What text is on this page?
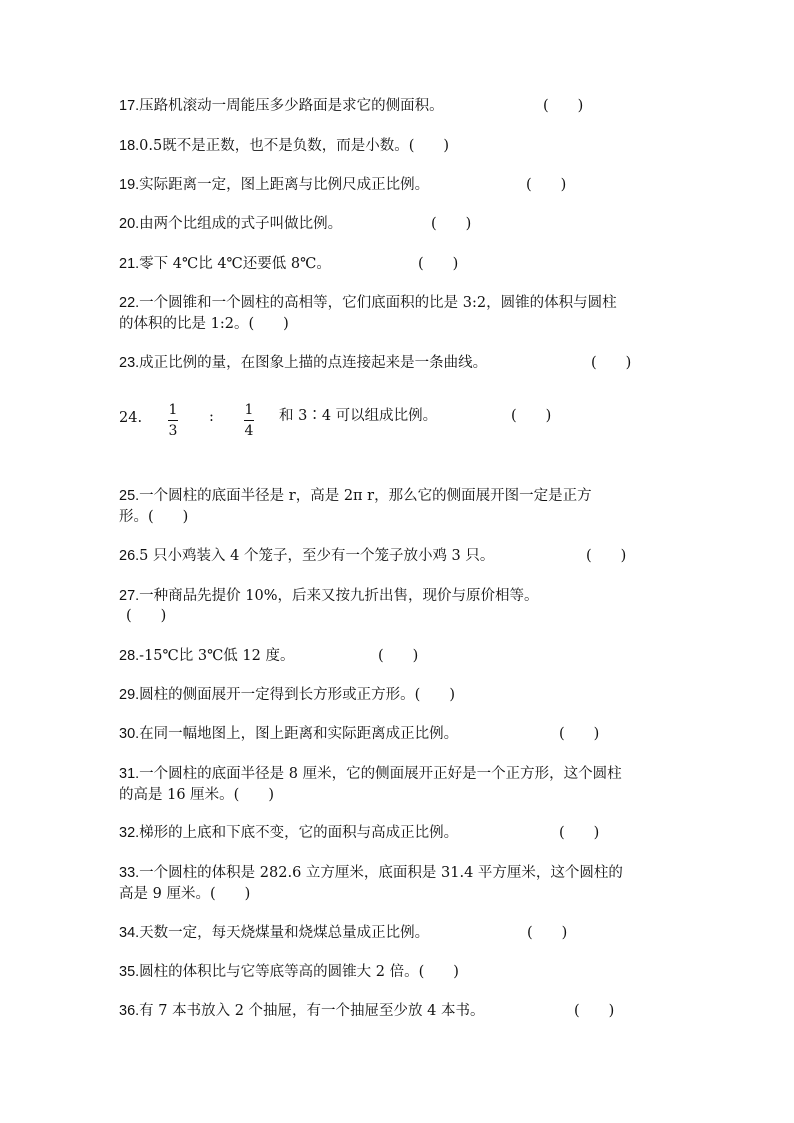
17.压路机滚动一周能压多少路面是求它的侧面积。	(　　)
18.0.5既不是正数，也不是负数，而是小数。(　　)
19.实际距离一定，图上距离与比例尺成正比例。	(　　)
20.由两个比组成的式子叫做比例。	(　　)
21.零下 4℃比 4℃还要低 8℃。	(　　)
22.一个圆锥和一个圆柱的高相等，它们底面积的比是 3:2，圆锥的体积与圆柱
的体积的比是 1:2。(　　)
23.成正比例的量，在图象上描的点连接起来是一条曲线。	(　　)
24. 1
3
: 1
4
和 3∶4 可以组成比例。	(　　)
25.一个圆柱的底面半径是 r，高是 2π r，那么它的侧面展开图一定是正方
形。(　　)
26.5 只小鸡装入 4 个笼子，至少有一个笼子放小鸡 3 只。	(　　)
27.一种商品先提价 10%，后来又按九折出售，现价与原价相等。
(　　)
28.-15℃比 3℃低 12 度。	(　　)
29.圆柱的侧面展开一定得到长方形或正方形。(　　)
30.在同一幅地图上，图上距离和实际距离成正比例。	(　　)
31.一个圆柱的底面半径是 8 厘米，它的侧面展开正好是一个正方形，这个圆柱
的高是 16 厘米。(　　)
32.梯形的上底和下底不变，它的面积与高成正比例。	(　　)
33.一个圆柱的体积是 282.6 立方厘米，底面积是 31.4 平方厘米，这个圆柱的
高是 9 厘米。(　　)
34.天数一定，每天烧煤量和烧煤总量成正比例。	(　　)
35.圆柱的体积比与它等底等高的圆锥大 2 倍。(　　)
36.有 7 本书放入 2 个抽屉，有一个抽屉至少放 4 本书。	(　　)
